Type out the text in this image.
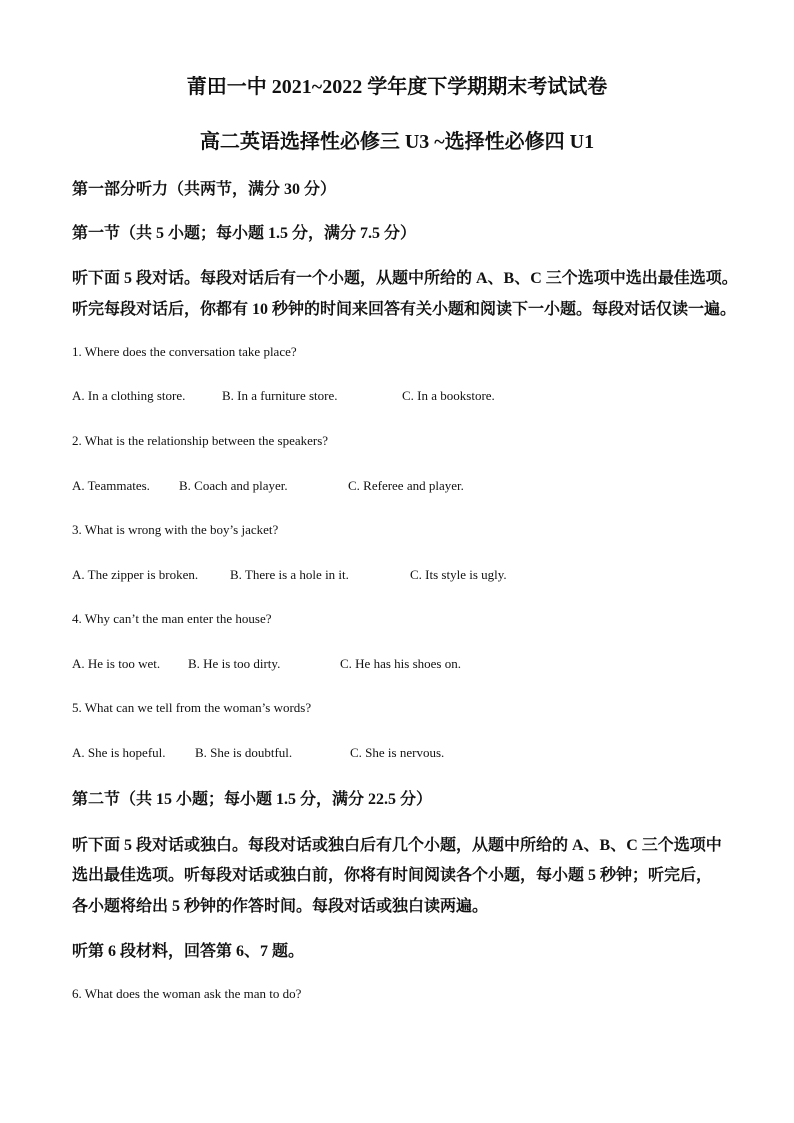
莆田一中 2021~2022 学年度下学期期末考试试卷
高二英语选择性必修三 U3 ~选择性必修四 U1
第一部分听力（共两节，满分 30 分）
第一节（共 5 小题；每小题 1.5 分，满分 7.5 分）
听下面 5 段对话。每段对话后有一个小题，从题中所给的 A、B、C 三个选项中选出最佳选项。
听完每段对话后，你都有 10 秒钟的时间来回答有关小题和阅读下一小题。每段对话仅读一遍。
1. Where does the conversation take place?
A. In a clothing store.	B. In a furniture store.	C. In a bookstore.
2. What is the relationship between the speakers?
A. Teammates. B. Coach and player.	C. Referee and player.
3. What is wrong with the boy’s jacket?
A. The zipper is broken. B. There is a hole in it.	C. Its style is ugly.
4. Why can’t the man enter the house?
A. He is too wet. B. He is too dirty.	C. He has his shoes on.
5. What can we tell from the woman’s words?
A. She is hopeful. B. She is doubtful.	C. She is nervous.
第二节（共 15 小题；每小题 1.5 分，满分 22.5 分）
听下面 5 段对话或独白。每段对话或独白后有几个小题，从题中所给的 A、B、C 三个选项中
选出最佳选项。听每段对话或独白前，你将有时间阅读各个小题，每小题 5 秒钟；听完后，
各小题将给出 5 秒钟的作答时间。每段对话或独白读两遍。
听第 6 段材料，回答第 6、7 题。
6. What does the woman ask the man to do?
